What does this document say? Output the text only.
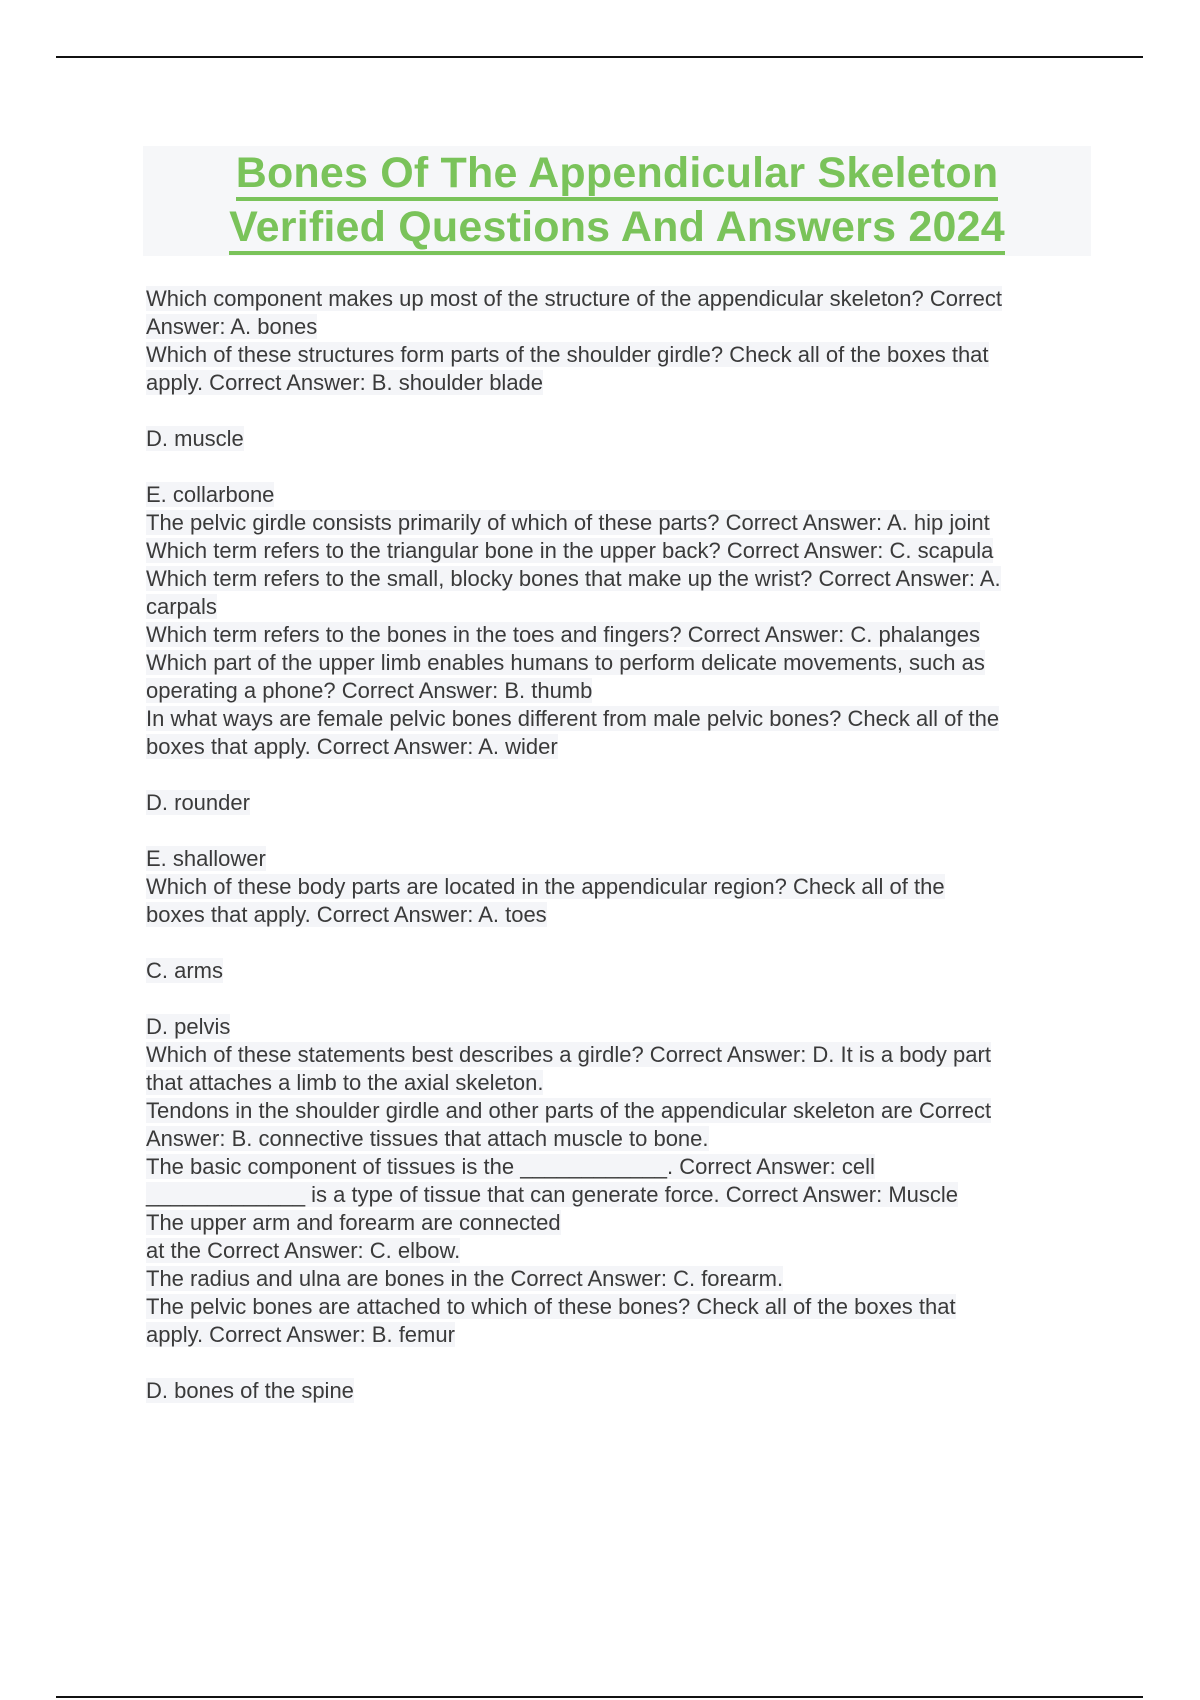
Bones Of The Appendicular Skeleton
Verified Questions And Answers 2024
Which component makes up most of the structure of the appendicular skeleton? Correct
Answer: A. bones
Which of these structures form parts of the shoulder girdle? Check all of the boxes that
apply. Correct Answer: B. shoulder blade
D. muscle
E. collarbone
The pelvic girdle consists primarily of which of these parts? Correct Answer: A. hip joint
Which term refers to the triangular bone in the upper back? Correct Answer: C. scapula
Which term refers to the small, blocky bones that make up the wrist? Correct Answer: A.
carpals
Which term refers to the bones in the toes and fingers? Correct Answer: C. phalanges
Which part of the upper limb enables humans to perform delicate movements, such as
operating a phone? Correct Answer: B. thumb
In what ways are female pelvic bones different from male pelvic bones? Check all of the
boxes that apply. Correct Answer: A. wider
D. rounder
E. shallower
Which of these body parts are located in the appendicular region? Check all of the
boxes that apply. Correct Answer: A. toes
C. arms
D. pelvis
Which of these statements best describes a girdle? Correct Answer: D. It is a body part
that attaches a limb to the axial skeleton.
Tendons in the shoulder girdle and other parts of the appendicular skeleton are Correct
Answer: B. connective tissues that attach muscle to bone.
The basic component of tissues is the ____________. Correct Answer: cell
_____________ is a type of tissue that can generate force. Correct Answer: Muscle
The upper arm and forearm are connected
at the Correct Answer: C. elbow.
The radius and ulna are bones in the Correct Answer: C. forearm.
The pelvic bones are attached to which of these bones? Check all of the boxes that
apply. Correct Answer: B. femur
D. bones of the spine
